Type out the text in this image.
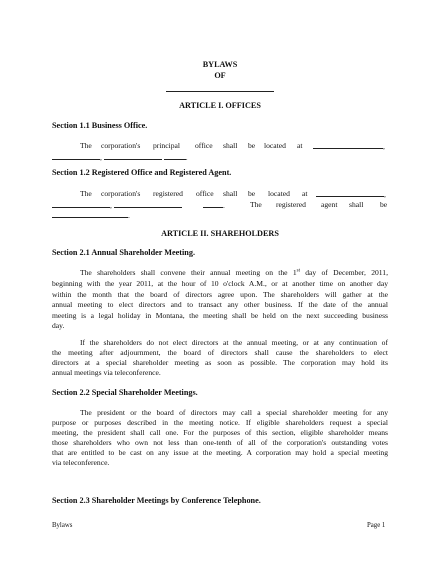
BYLAWS
OF
ARTICLE I. OFFICES
Section 1.1 Business Office.
The corporation's principal office shall be located at	,
,	.
Section 1.2 Registered Office and Registered Agent.
The corporation's registered office shall be located at	,
,	.	The registered agent shall be
.
ARTICLE II. SHAREHOLDERS
Section 2.1 Annual Shareholder Meeting.
The shareholders shall convene their annual meeting on the 1st day of December, 2011,
beginning with the year 2011, at the hour of 10 o'clock A.M., or at another time on another day
within the month that the board of directors agree upon. The shareholders will gather at the
annual meeting to elect directors and to transact any other business. If the date of the annual
meeting is a legal holiday in Montana, the meeting shall be held on the next succeeding business
day.
If the shareholders do not elect directors at the annual meeting, or at any continuation of
the meeting after adjournment, the board of directors shall cause the shareholders to elect
directors at a special shareholder meeting as soon as possible. The corporation may hold its
annual meetings via teleconference.
Section 2.2 Special Shareholder Meetings.
The president or the board of directors may call a special shareholder meeting for any
purpose or purposes described in the meeting notice. If eligible shareholders request a special
meeting, the president shall call one. For the purposes of this section, eligible shareholder means
those shareholders who own not less than one-tenth of all of the corporation's outstanding votes
that are entitled to be cast on any issue at the meeting. A corporation may hold a special meeting
via teleconference.
Section 2.3 Shareholder Meetings by Conference Telephone.
Bylaws	Page 1
